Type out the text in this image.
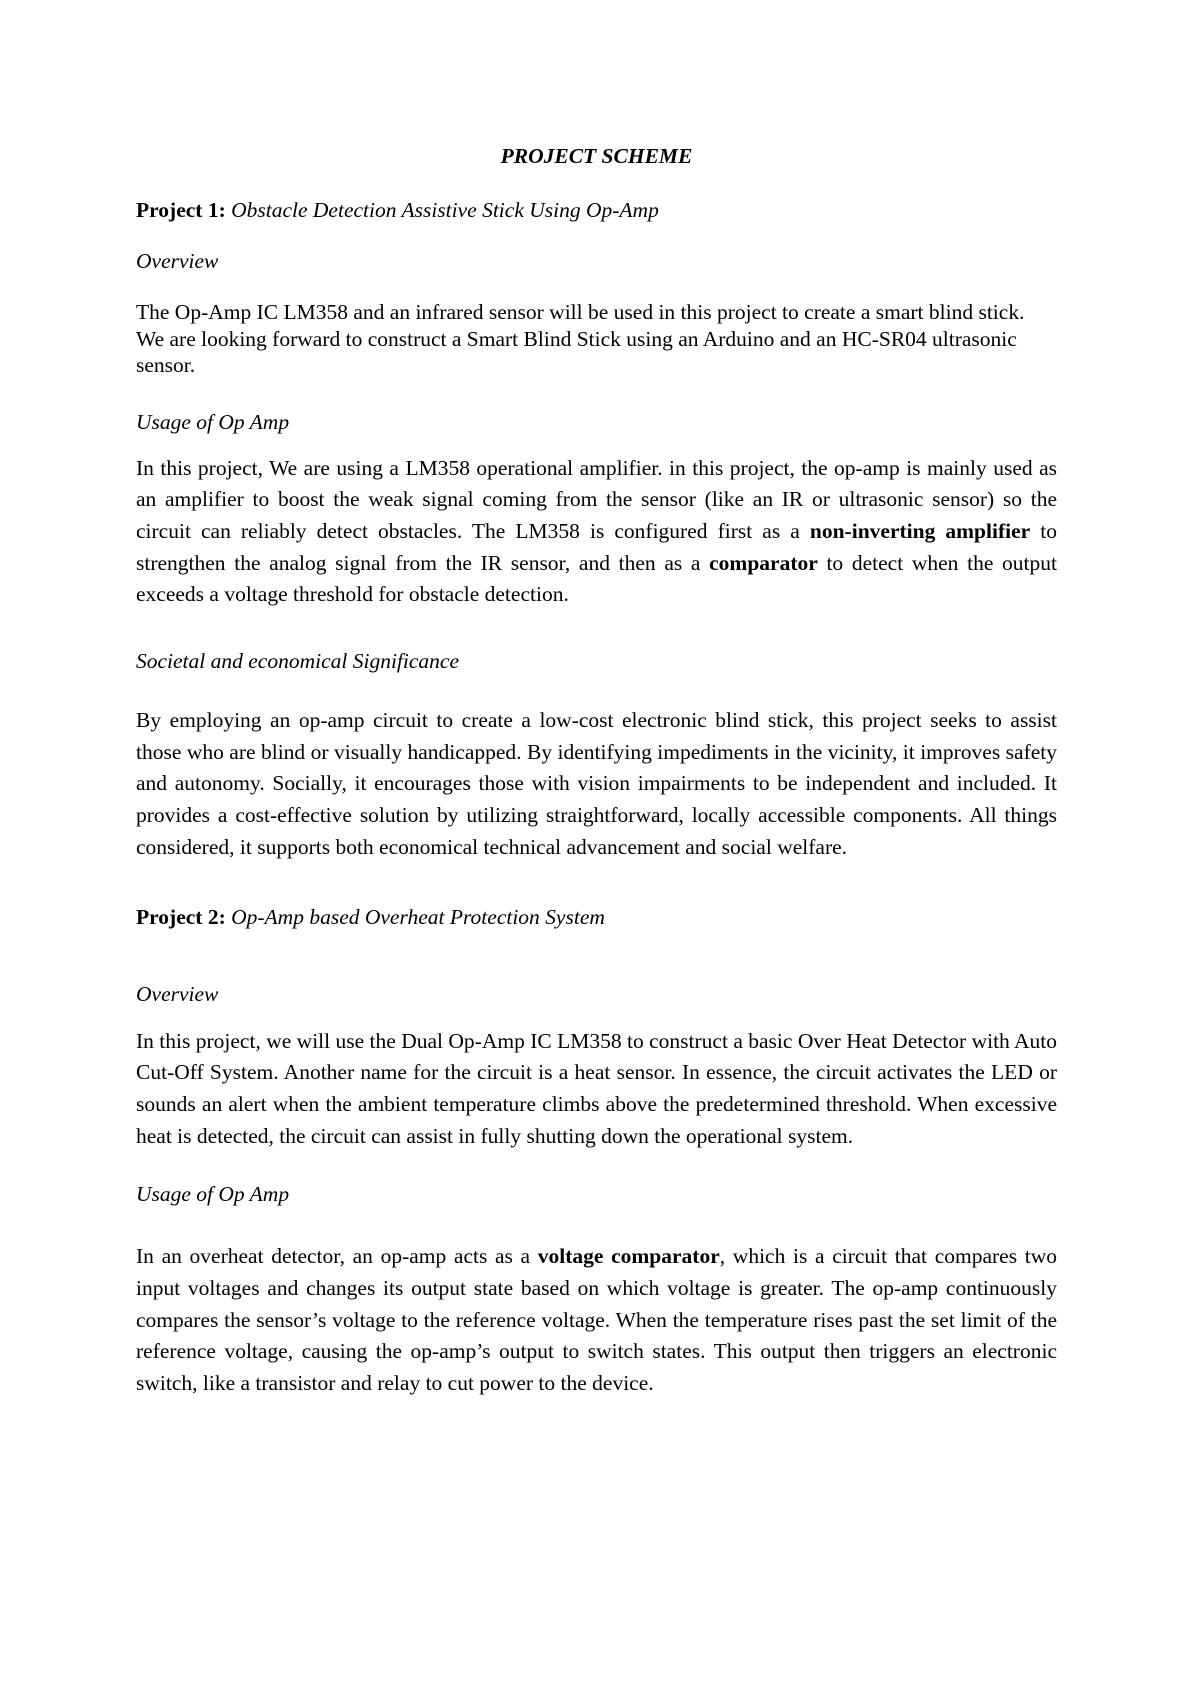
PROJECT SCHEME

Project 1: Obstacle Detection Assistive Stick Using Op-Amp

Overview

The Op-Amp IC LM358 and an infrared sensor will be used in this project to create a smart blind stick. We are looking forward to construct a Smart Blind Stick using an Arduino and an HC-SR04 ultrasonic sensor.

Usage of Op Amp

In this project, We are using a LM358 operational amplifier. in this project, the op-amp is mainly used as an amplifier to boost the weak signal coming from the sensor (like an IR or ultrasonic sensor) so the circuit can reliably detect obstacles. The LM358 is configured first as a non-inverting amplifier to strengthen the analog signal from the IR sensor, and then as a comparator to detect when the output exceeds a voltage threshold for obstacle detection.

Societal and economical Significance

By employing an op-amp circuit to create a low-cost electronic blind stick, this project seeks to assist those who are blind or visually handicapped. By identifying impediments in the vicinity, it improves safety and autonomy. Socially, it encourages those with vision impairments to be independent and included. It provides a cost-effective solution by utilizing straightforward, locally accessible components. All things considered, it supports both economical technical advancement and social welfare.

Project 2: Op-Amp based Overheat Protection System

Overview

In this project, we will use the Dual Op-Amp IC LM358 to construct a basic Over Heat Detector with Auto Cut-Off System. Another name for the circuit is a heat sensor. In essence, the circuit activates the LED or sounds an alert when the ambient temperature climbs above the predetermined threshold. When excessive heat is detected, the circuit can assist in fully shutting down the operational system.

Usage of Op Amp

In an overheat detector, an op-amp acts as a voltage comparator, which is a circuit that compares two input voltages and changes its output state based on which voltage is greater. The op-amp continuously compares the sensor’s voltage to the reference voltage. When the temperature rises past the set limit of the reference voltage, causing the op-amp’s output to switch states. This output then triggers an electronic switch, like a transistor and relay to cut power to the device.
